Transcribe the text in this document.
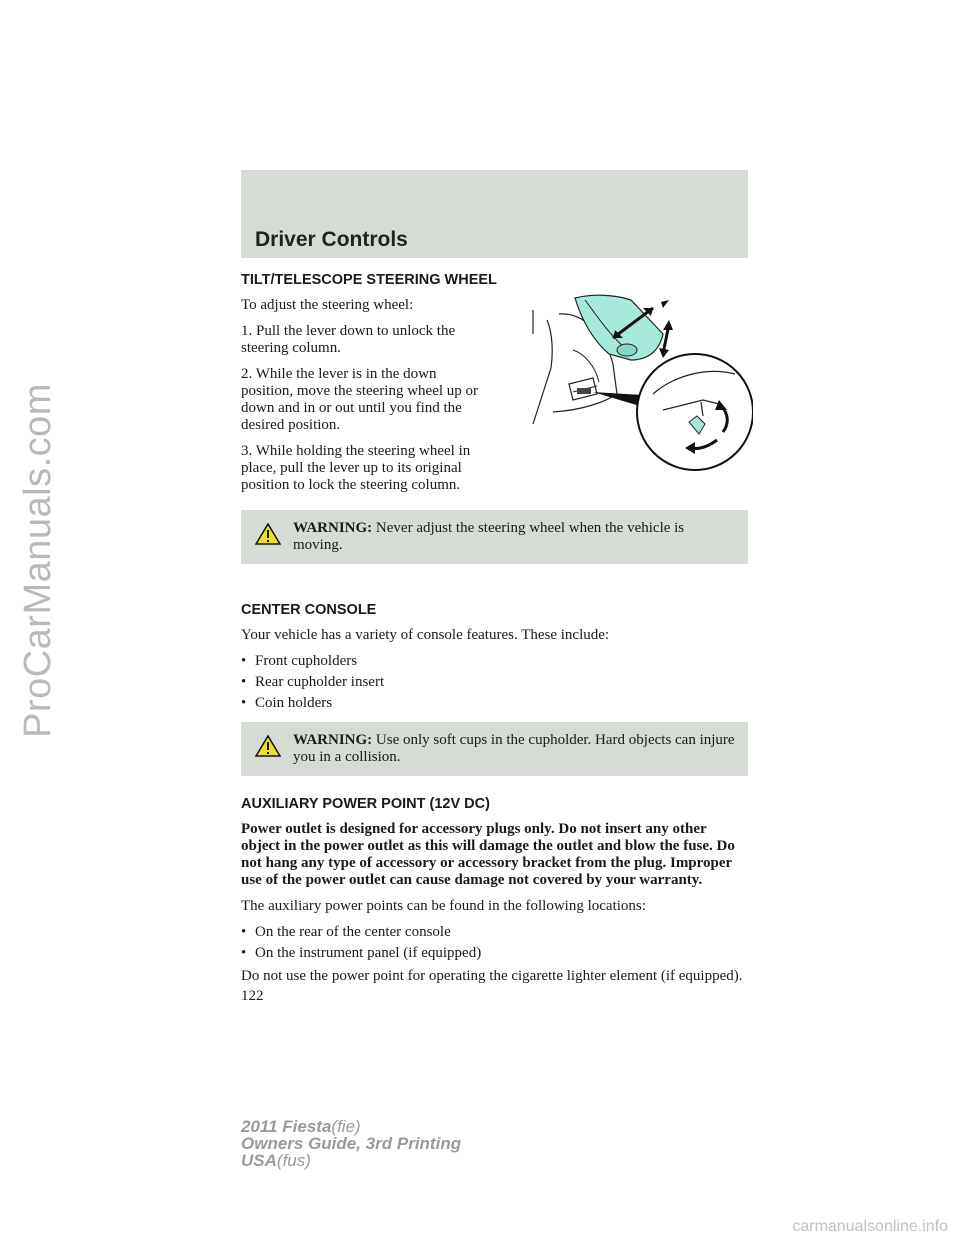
ProCarManuals.com
Driver Controls
TILT/TELESCOPE STEERING WHEEL

To adjust the steering wheel:

1. Pull the lever down to unlock the steering column.

2. While the lever is in the down position, move the steering wheel up or down and in or out until you find the desired position.

3. While holding the steering wheel in place, pull the lever up to its original position to lock the steering column.

WARNING: Never adjust the steering wheel when the vehicle is moving.
CENTER CONSOLE

Your vehicle has a variety of console features. These include:

• Front cupholders
• Rear cupholder insert
• Coin holders
WARNING: Use only soft cups in the cupholder. Hard objects can injure you in a collision.
AUXILIARY POWER POINT (12V DC)

Power outlet is designed for accessory plugs only. Do not insert any other object in the power outlet as this will damage the outlet and blow the fuse. Do not hang any type of accessory or accessory bracket from the plug. Improper use of the power outlet can cause damage not covered by your warranty.

The auxiliary power points can be found in the following locations:

• On the rear of the center console
• On the instrument panel (if equipped)

Do not use the power point for operating the cigarette lighter element (if equipped).

122

2011 Fiesta(fie)
Owners Guide, 3rd Printing
USA(fus)
carmanualsonline.info
